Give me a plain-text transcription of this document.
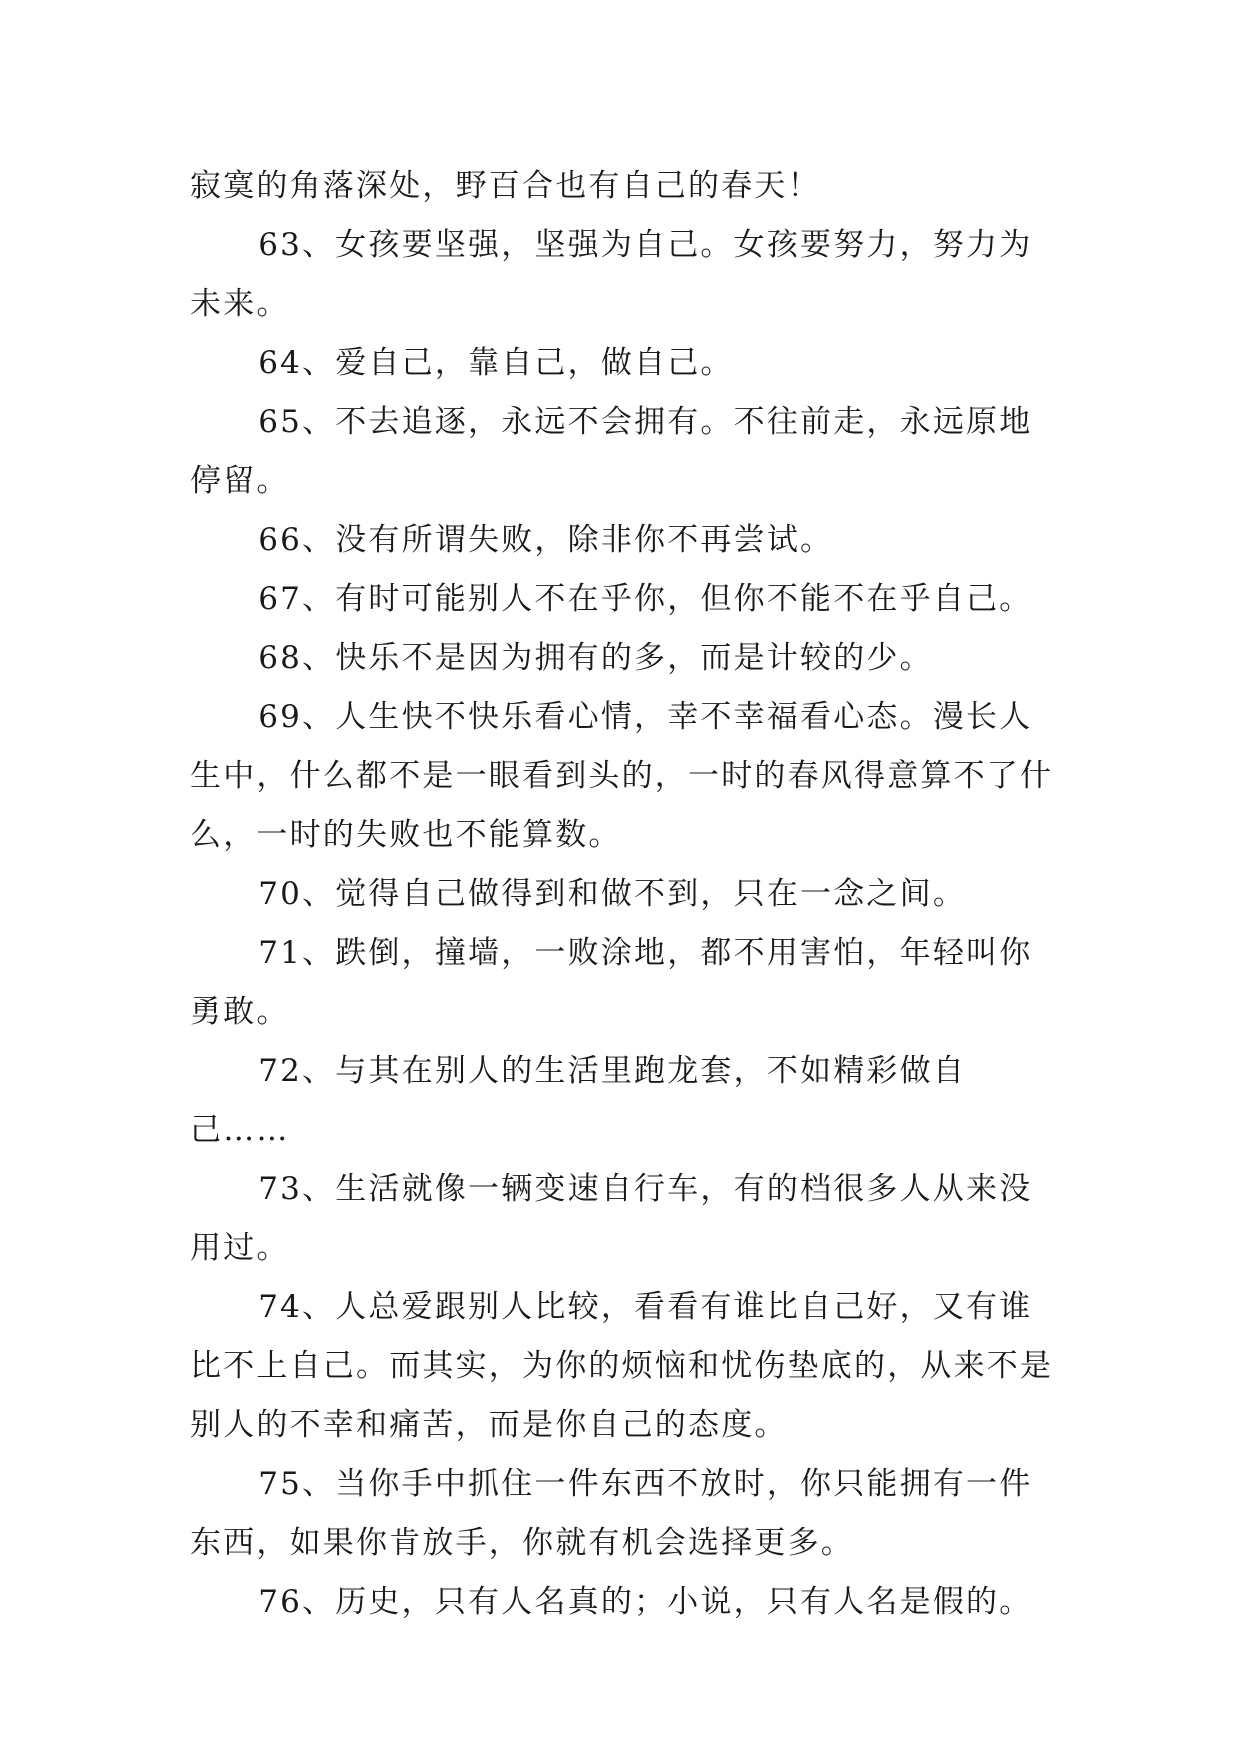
寂寞的角落深处，野百合也有自己的春天！

63、女孩要坚强，坚强为自己。女孩要努力，努力为未来。

64、爱自己，靠自己，做自己。

65、不去追逐，永远不会拥有。不往前走，永远原地停留。

66、没有所谓失败，除非你不再尝试。

67、有时可能别人不在乎你，但你不能不在乎自己。

68、快乐不是因为拥有的多，而是计较的少。

69、人生快不快乐看心情，幸不幸福看心态。漫长人生中，什么都不是一眼看到头的，一时的春风得意算不了什么，一时的失败也不能算数。

70、觉得自己做得到和做不到，只在一念之间。

71、跌倒，撞墙，一败涂地，都不用害怕，年轻叫你勇敢。

72、与其在别人的生活里跑龙套，不如精彩做自己……

73、生活就像一辆变速自行车，有的档很多人从来没用过。

74、人总爱跟别人比较，看看有谁比自己好，又有谁比不上自己。而其实，为你的烦恼和忧伤垫底的，从来不是别人的不幸和痛苦，而是你自己的态度。

75、当你手中抓住一件东西不放时，你只能拥有一件东西，如果你肯放手，你就有机会选择更多。

76、历史，只有人名真的；小说，只有人名是假的。
